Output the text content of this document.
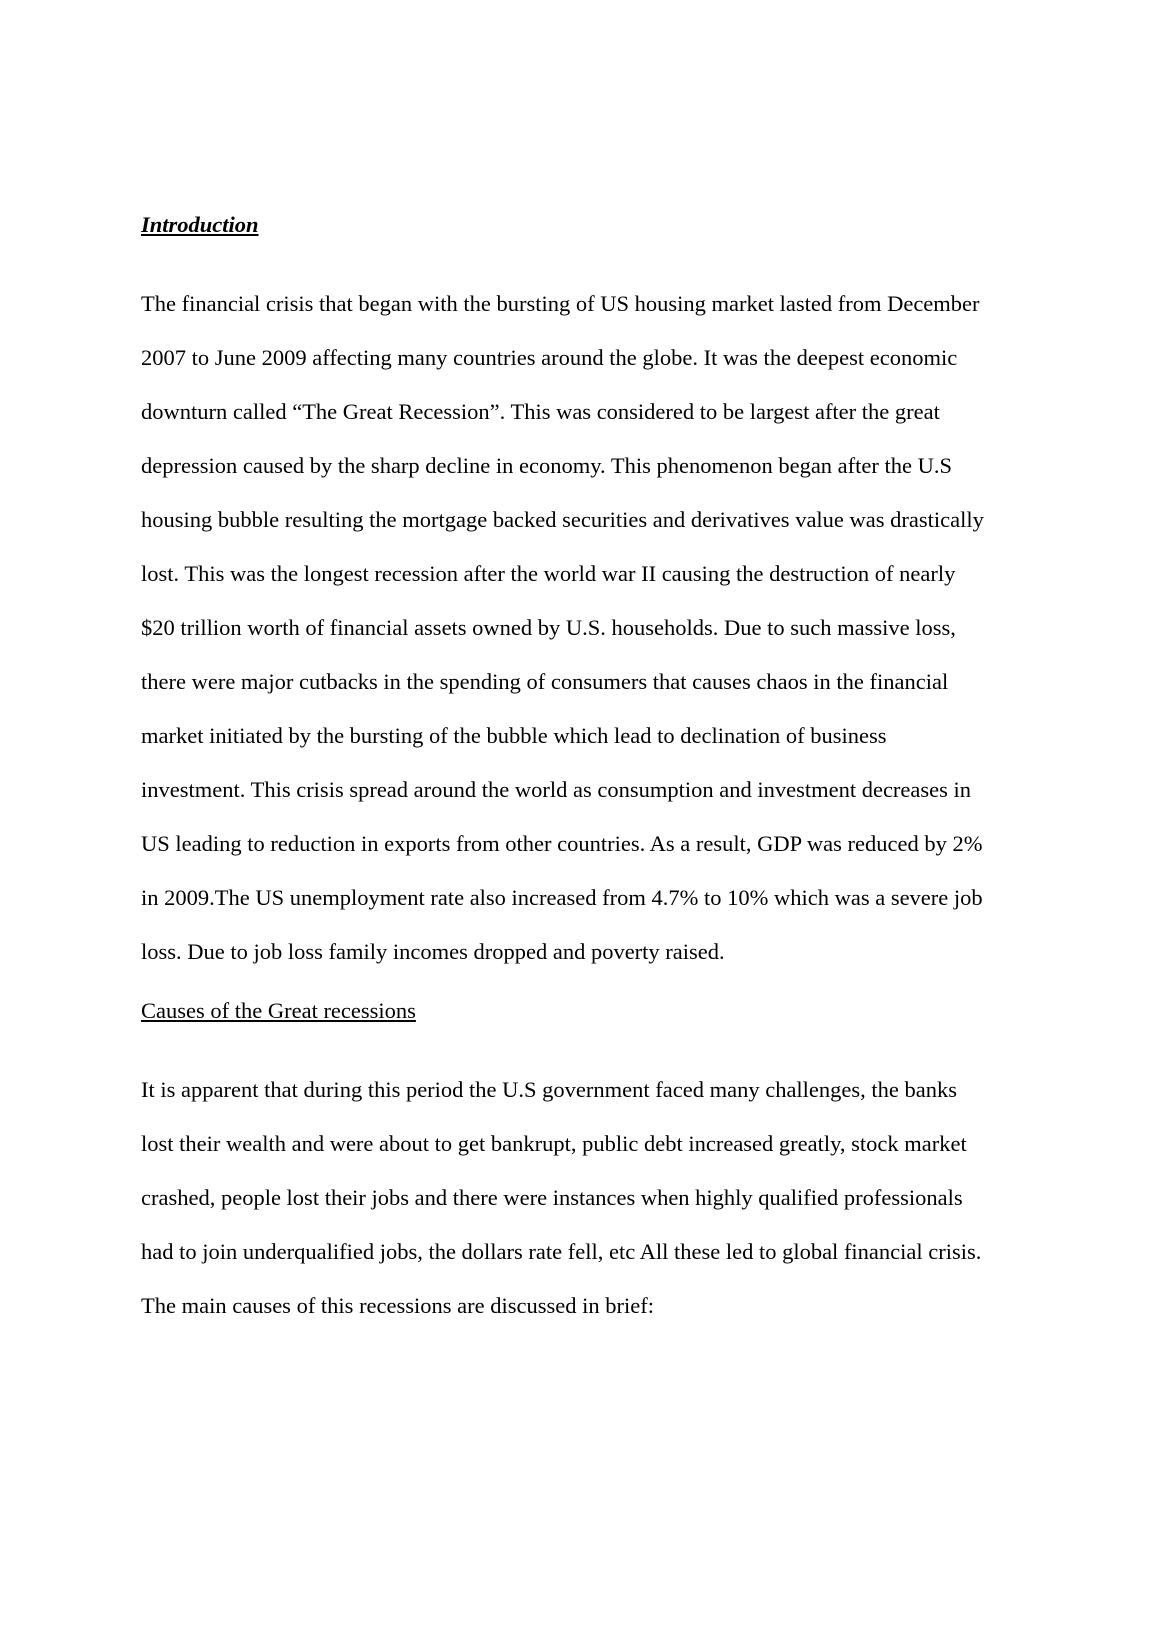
Introduction
The financial crisis that began with the bursting of US housing market lasted from December
2007 to June 2009 affecting many countries around the globe. It was the deepest economic
downturn called “The Great Recession”. This was considered to be largest after the great
depression caused by the sharp decline in economy. This phenomenon began after the U.S
housing bubble resulting the mortgage backed securities and derivatives value was drastically
lost. This was the longest recession after the world war II causing the destruction of nearly
$20 trillion worth of financial assets owned by U.S. households. Due to such massive loss,
there were major cutbacks in the spending of consumers that causes chaos in the financial
market initiated by the bursting of the bubble which lead to declination of business
investment. This crisis spread around the world as consumption and investment decreases in
US leading to reduction in exports from other countries. As a result, GDP was reduced by 2%
in 2009.The US unemployment rate also increased from 4.7% to 10% which was a severe job
loss. Due to job loss family incomes dropped and poverty raised.
Causes of the Great recessions
It is apparent that during this period the U.S government faced many challenges, the banks
lost their wealth and were about to get bankrupt, public debt increased greatly, stock market
crashed, people lost their jobs and there were instances when highly qualified professionals
had to join underqualified jobs, the dollars rate fell, etc All these led to global financial crisis.
The main causes of this recessions are discussed in brief:
